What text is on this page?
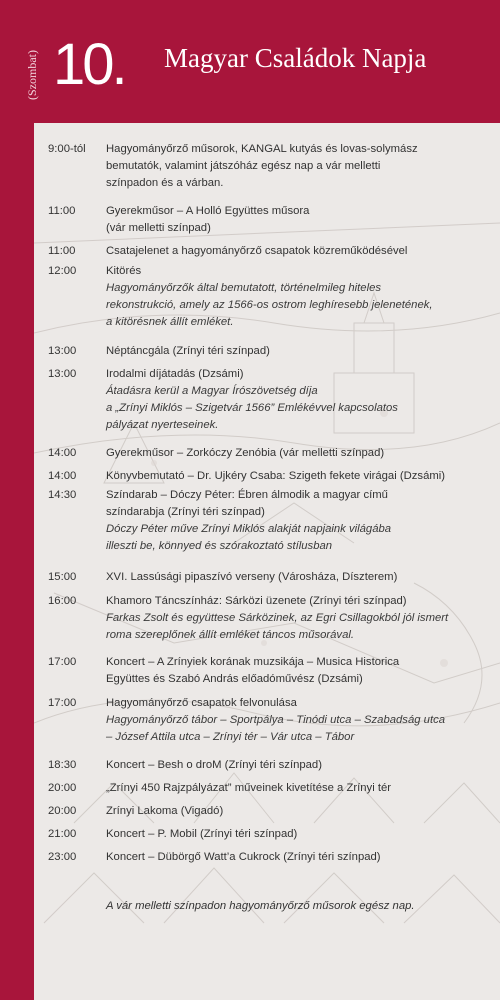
(Szombat) 10. Magyar Családok Napja
9:00-tól	Hagyományőrző műsorok, KANGAL kutyás és lovas-solymász
bemutatók, valamint játszóház egész nap a vár melletti
színpadon és a várban.
11:00	Gyerekműsor – A Holló Együttes műsora
(vár melletti színpad)
11:00	Csatajelenet a hagyományőrző csapatok közreműködésével
12:00	Kitörés
Hagyományőrzők által bemutatott, történelmileg hiteles
rekonstrukció, amely az 1566-os ostrom leghíresebb jelenetének,
a kitörésnek állít emléket.
13:00	Néptáncgála (Zrínyi téri színpad)
13:00	Irodalmi díjátadás (Dzsámi)
Átadásra kerül a Magyar Írószövetség díja
a „Zrínyi Miklós – Szigetvár 1566” Emlékévvel kapcsolatos
pályázat nyerteseinek.
14:00	Gyerekműsor – Zorkóczy Zenóbia (vár melletti színpad)
14:00	Könyvbemutató – Dr. Ujkéry Csaba: Szigeth fekete virágai (Dzsámi)
14:30	Színdarab – Dóczy Péter: Ébren álmodik a magyar című
színdarabja (Zrínyi téri színpad)
Dóczy Péter műve Zrínyi Miklós alakját napjaink világába
illeszti be, könnyed és szórakoztató stílusban
15:00	XVI. Lassúsági pipaszívó verseny (Városháza, Díszterem)
16:00	Khamoro Táncszínház: Sárközi üzenete (Zrínyi téri színpad)
Farkas Zsolt és együttese Sárközinek, az Egri Csillagokból jól ismert
roma szereplőnek állít emléket táncos műsorával.
17:00	Koncert – A Zrínyiek korának muzsikája – Musica Historica
Együttes és Szabó András előadóművész (Dzsámi)
17:00	Hagyományőrző csapatok felvonulása
Hagyományőrző tábor – Sportpálya – Tinódi utca – Szabadság utca
– József Attila utca – Zrínyi tér – Vár utca – Tábor
18:30	Koncert – Besh o droM (Zrínyi téri színpad)
20:00	„Zrínyi 450 Rajzpályázat” műveinek kivetítése a Zrínyi tér
20:00	Zrínyi Lakoma (Vigadó)
21:00	Koncert – P. Mobil (Zrínyi téri színpad)
23:00	Koncert – Dübörgő Watt’a Cukrock (Zrínyi téri színpad)
A vár melletti színpadon hagyományőrző műsorok egész nap.
